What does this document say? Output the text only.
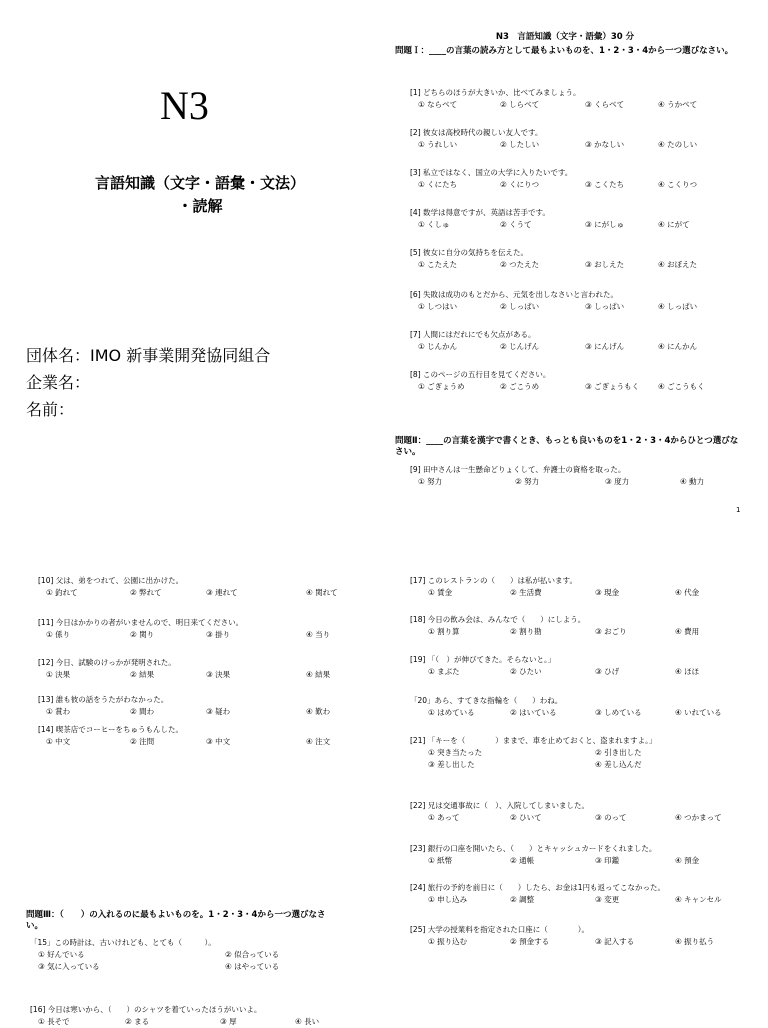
N3
言語知識（文字・語彙・文法）
・読解
団体名：IMO 新事業開発協同組合
企業名：
名前：
N3　言語知識（文字・語彙）30 分
問題Ｉ：____の言葉の読み方として最もよいものを、1・2・3・4から一つ選びなさい。
[1] どちらのほうが大きいか、比べてみましょう。
① ならべて	② しらべて	③ くらべて	④ うかべて
[2] 彼女は高校時代の親しい友人です。
① うれしい	② したしい	③ かなしい	④ たのしい
[3] 私立ではなく、国立の大学に入りたいです。
① くにたち	② くにりつ	③ こくたち	④ こくりつ
[4] 数学は得意ですが、英語は苦手です。
① くしゅ	② くうて	③ にがしゅ	④ にがて
[5] 彼女に自分の気持ちを伝えた。
① こたえた	② つたえた	③ おしえた	④ おぼえた
[6] 失敗は成功のもとだから、元気を出しなさいと言われた。
① しつはい	② しっぱい	③ しっぱい	④ しっぱい
[7] 人間にはだれにでも欠点がある。
① じんかん	② じんげん	③ にんげん	④ にんかん
[8] このページの五行目を見てください。
① ごぎょうめ	② ごこうめ	③ ごぎょうもく	④ ごこうもく
問題Ⅱ：____の言葉を漢字で書くとき、もっとも良いものを1・2・3・4からひとつ選びなさい。
[9] 田中さんは一生懸命どりょくして、弁護士の資格を取った。
① 努力	② 努力	③ 度力	④ 動力
1
[10] 父は、弟をつれて、公園に出かけた。
① 釣れて	② 弊れて	③ 連れて	④ 関れて
[11] 今日はかかりの者がいませんので、明日来てください。
① 係り	② 関り	③ 掛り	④ 当り
[12] 今日、試験のけっかが発明された。
① 決果	② 結果	③ 決果	④ 結果
[13] 誰も彼の話をうたがわなかった。
① 賞わ	② 間わ	③ 疑わ	④ 歎わ
[14] 喫茶店でコーヒーをちゅうもんした。
① 中文	② 注問	③ 中文	④ 注文
問題Ⅲ：（　　）の入れるのに最もよいものを。1・2・3・4から一つ選びなさい。
「15」この時計は、古いけれども、とても（　　　）。
① 好んでいる	② 似合っている
③ 気に入っている	④ はやっている
[16] 今日は寒いから、（　　）のシャツを着ていったほうがいいよ。
① 長そで	② まる	③ 厚	④ 長い
[17] このレストランの（　　）は私が払います。
① 賃金	② 生活費	③ 現金	④ 代金
[18] 今日の飲み会は、みんなで（　　）にしよう。
① 割り算	② 割り勘	③ おごり	④ 費用
[19] 「（　）が伸びてきた。そらないと。」
① まぶた	② ひたい	③ ひげ	④ ほほ
「20」あら、すてきな指輪を（　　）わね。
① はめている	② はいている	③ しめている	④ いれている
[21] 「キーを（　　　　）ままで、車を止めておくと、盗まれますよ。」
① 突き当たった	② 引き出した
③ 差し出した	④ 差し込んだ
[22] 兄は交通事故に（　）、入院してしまいました。
① あって	② ひいて	③ のって	④ つかまって
[23] 銀行の口座を開いたら、（　　）とキャッシュカードをくれました。
① 紙幣	② 通帳	③ 印鑑	④ 預金
[24] 旅行の予約を前日に（　　）したら、お金は1円も返ってこなかった。
① 申し込み	② 調整	③ 変更	④ キャンセル
[25] 大学の授業料を指定された口座に（　　　　）。
① 振り込む	② 預金する	③ 記入する	④ 振り払う
